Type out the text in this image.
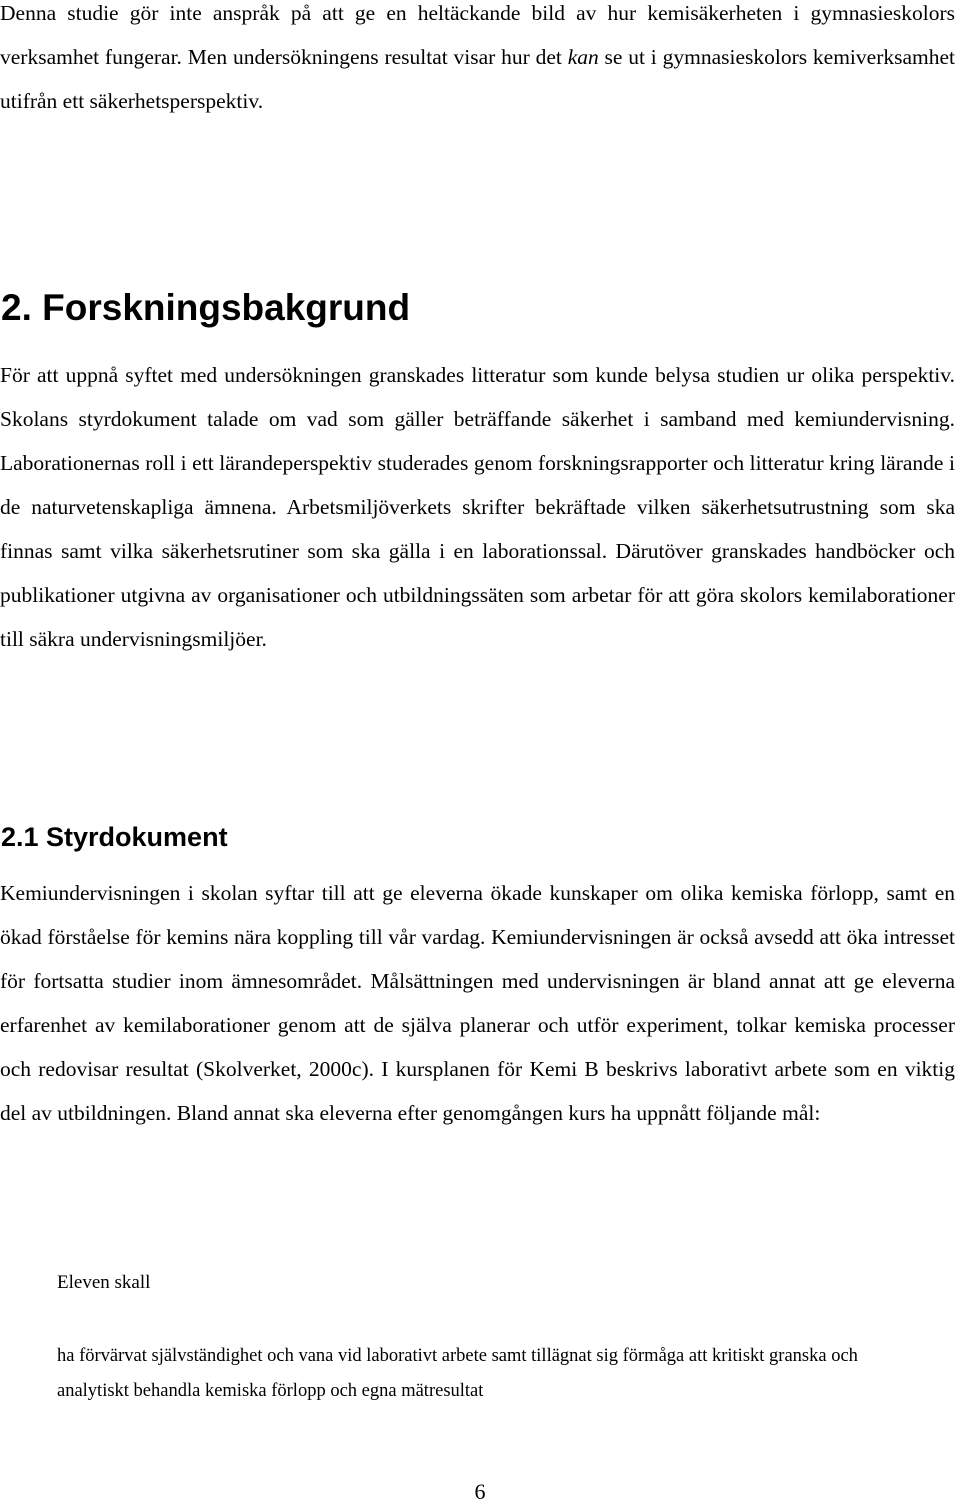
Denna studie gör inte anspråk på att ge en heltäckande bild av hur kemisäkerheten i gymnasieskolors verksamhet fungerar. Men undersökningens resultat visar hur det kan se ut i gymnasieskolors kemiverksamhet utifrån ett säkerhetsperspektiv.

2. Forskningsbakgrund

För att uppnå syftet med undersökningen granskades litteratur som kunde belysa studien ur olika perspektiv. Skolans styrdokument talade om vad som gäller beträffande säkerhet i samband med kemiundervisning. Laborationernas roll i ett lärandeperspektiv studerades genom forskningsrapporter och litteratur kring lärande i de naturvetenskapliga ämnena. Arbetsmiljöverkets skrifter bekräftade vilken säkerhetsutrustning som ska finnas samt vilka säkerhetsrutiner som ska gälla i en laborationssal. Därutöver granskades handböcker och publikationer utgivna av organisationer och utbildningssäten som arbetar för att göra skolors kemilaborationer till säkra undervisningsmiljöer.

2.1 Styrdokument

Kemiundervisningen i skolan syftar till att ge eleverna ökade kunskaper om olika kemiska förlopp, samt en ökad förståelse för kemins nära koppling till vår vardag. Kemiundervisningen är också avsedd att öka intresset för fortsatta studier inom ämnesområdet. Målsättningen med undervisningen är bland annat att ge eleverna erfarenhet av kemilaborationer genom att de själva planerar och utför experiment, tolkar kemiska processer och redovisar resultat (Skolverket, 2000c). I kursplanen för Kemi B beskrivs laborativt arbete som en viktig del av utbildningen. Bland annat ska eleverna efter genomgången kurs ha uppnått följande mål:

Eleven skall

ha förvärvat självständighet och vana vid laborativt arbete samt tillägnat sig förmåga att kritiskt granska och analytiskt behandla kemiska förlopp och egna mätresultat

6
